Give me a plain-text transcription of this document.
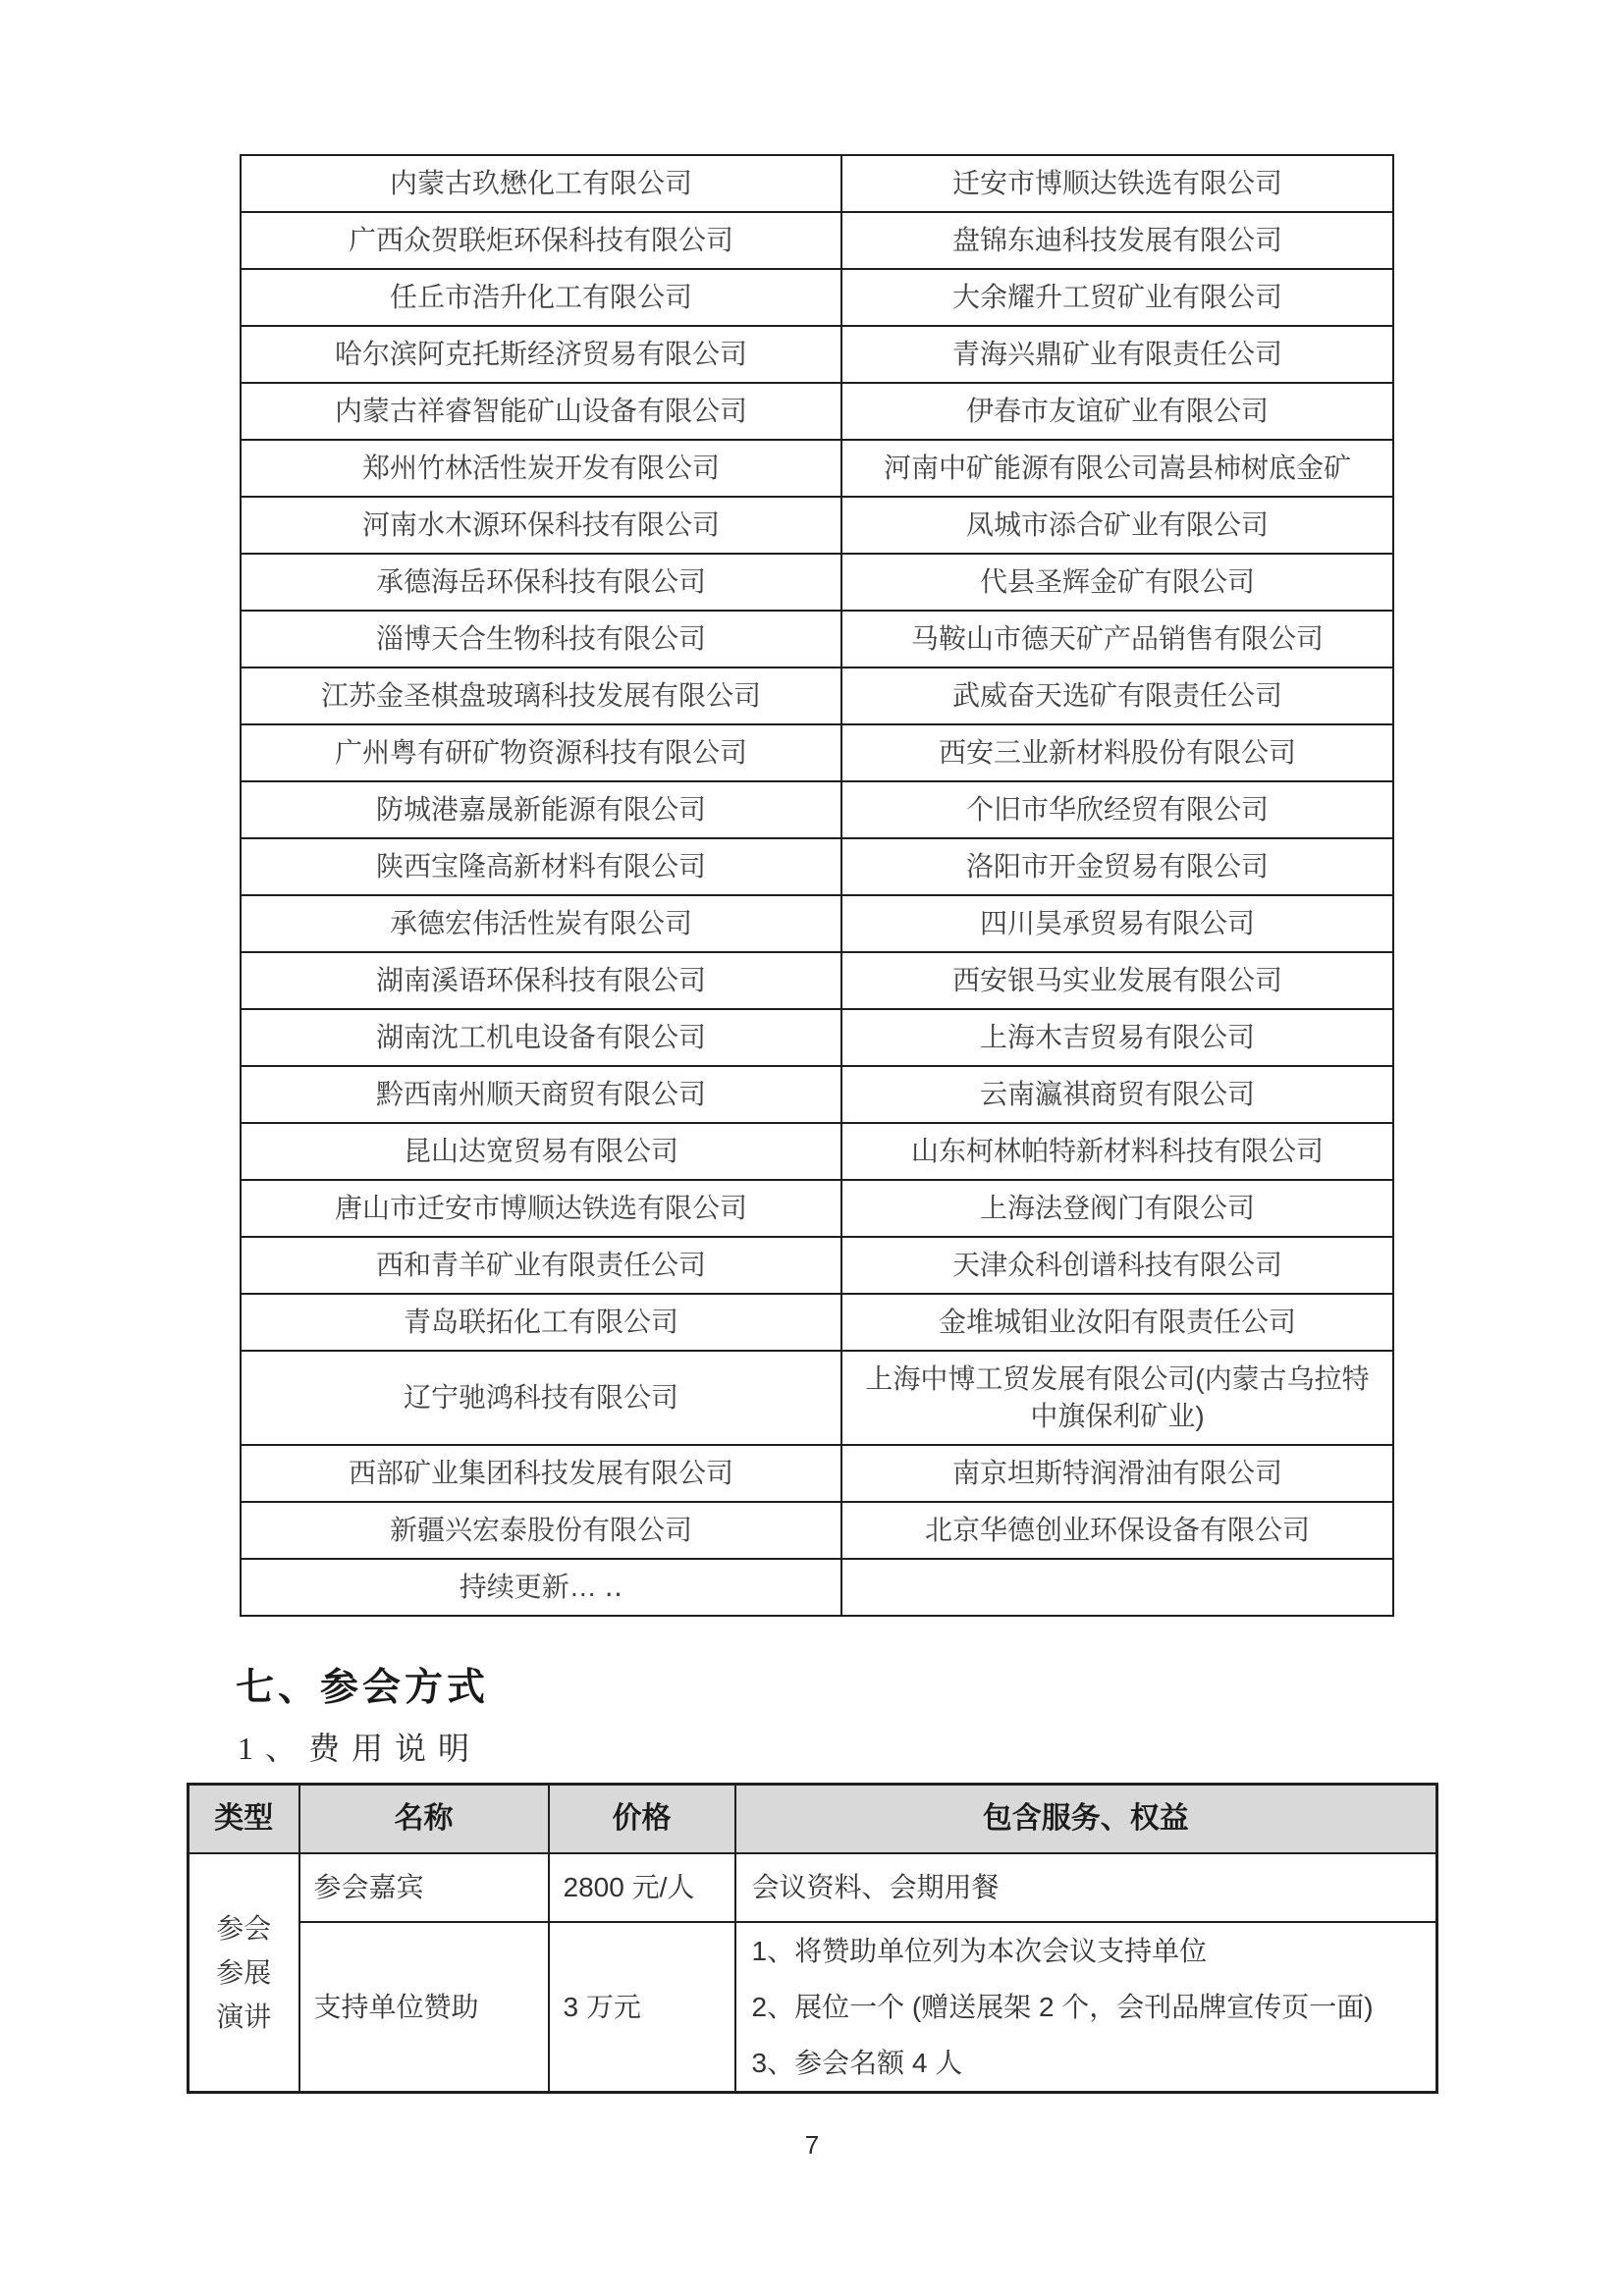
内蒙古玖懋化工有限公司	迁安市博顺达铁选有限公司
广西众贺联炬环保科技有限公司	盘锦东迪科技发展有限公司
任丘市浩升化工有限公司	大余耀升工贸矿业有限公司
哈尔滨阿克托斯经济贸易有限公司	青海兴鼎矿业有限责任公司
内蒙古祥睿智能矿山设备有限公司	伊春市友谊矿业有限公司
郑州竹林活性炭开发有限公司	河南中矿能源有限公司嵩县柿树底金矿
河南水木源环保科技有限公司	凤城市添合矿业有限公司
承德海岳环保科技有限公司	代县圣辉金矿有限公司
淄博天合生物科技有限公司	马鞍山市德天矿产品销售有限公司
江苏金圣棋盘玻璃科技发展有限公司	武威奋天选矿有限责任公司
广州粤有研矿物资源科技有限公司	西安三业新材料股份有限公司
防城港嘉晟新能源有限公司	个旧市华欣经贸有限公司
陕西宝隆高新材料有限公司	洛阳市开金贸易有限公司
承德宏伟活性炭有限公司	四川昊承贸易有限公司
湖南溪语环保科技有限公司	西安银马实业发展有限公司
湖南沈工机电设备有限公司	上海木吉贸易有限公司
黔西南州顺天商贸有限公司	云南瀛祺商贸有限公司
昆山达宽贸易有限公司	山东柯林帕特新材料科技有限公司
唐山市迁安市博顺达铁选有限公司	上海法登阀门有限公司
西和青羊矿业有限责任公司	天津众科创谱科技有限公司
青岛联拓化工有限公司	金堆城钼业汝阳有限责任公司
辽宁驰鸿科技有限公司	上海中博工贸发展有限公司(内蒙古乌拉特中旗保利矿业)
西部矿业集团科技发展有限公司	南京坦斯特润滑油有限公司
新疆兴宏泰股份有限公司	北京华德创业环保设备有限公司
持续更新… ‥	
七、参会方式
1、费用说明
类型	名称	价格	包含服务、权益

参会
参展
演讲	参会嘉宾	2800 元/人	会议资料、会期用餐
	支持单位赞助	3 万元	1、将赞助单位列为本次会议支持单位
2、展位一个 (赠送展架 2 个，会刊品牌宣传页一面)
3、参会名额 4 人
7
